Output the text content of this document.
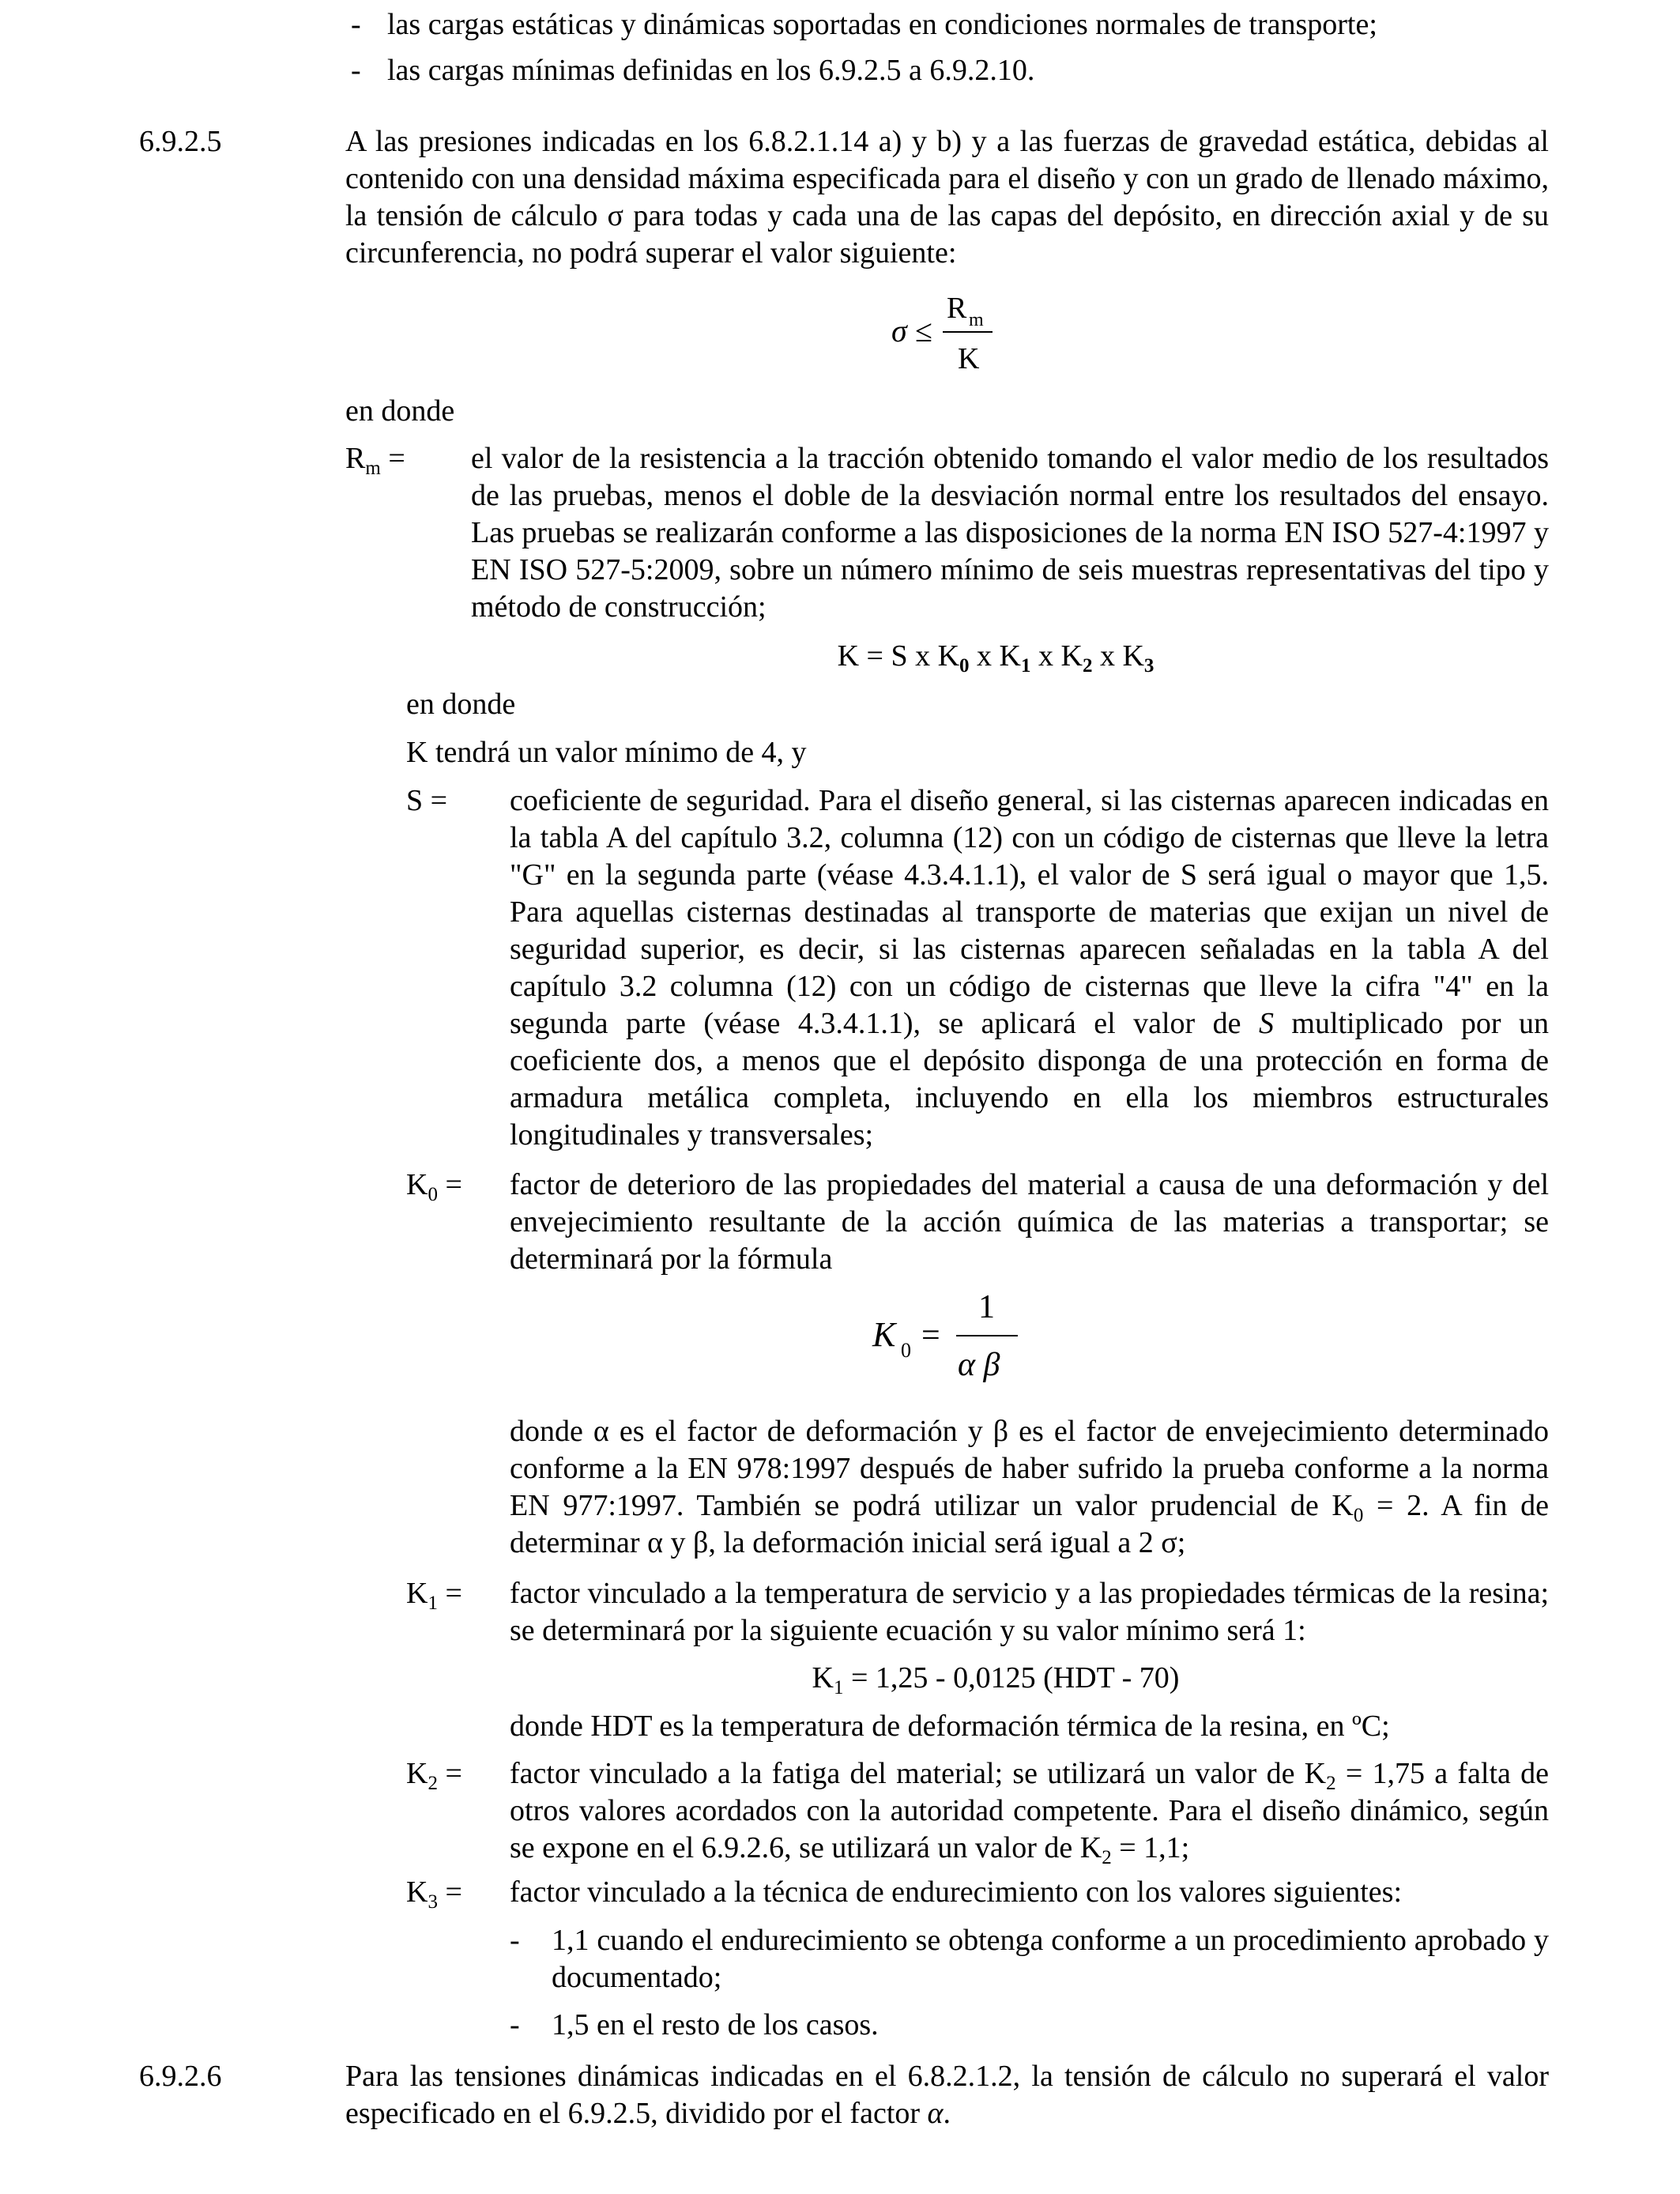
- las cargas estáticas y dinámicas soportadas en condiciones normales de transporte;

- las cargas mínimas definidas en los 6.9.2.5 a 6.9.2.10.

6.9.2.5	A las presiones indicadas en los 6.8.2.1.14 a) y b) y a las fuerzas de gravedad estática, debidas al contenido con una densidad máxima especificada para el diseño y con un grado de llenado máximo, la tensión de cálculo σ para todas y cada una de las capas del depósito, en dirección axial y de su circunferencia, no podrá superar el valor siguiente:

σ ≤
R m
K

en donde

$R_m$ = el valor de la resistencia a la tracción obtenido tomando el valor medio de los resultados de las pruebas, menos el doble de la desviación normal entre los resultados del ensayo. Las pruebas se realizarán conforme a las disposiciones de la norma EN ISO 527-4:1997 y EN ISO 527-5:2009, sobre un número mínimo de seis muestras representativas del tipo y método de construcción;

K = S x $K_0$ x $K_1$ x $K_2$ x $K_3$

en donde

K tendrá un valor mínimo de 4, y

S = coeficiente de seguridad. Para el diseño general, si las cisternas aparecen indicadas en la tabla A del capítulo 3.2, columna (12) con un código de cisternas que lleve la letra "G" en la segunda parte (véase 4.3.4.1.1), el valor de S será igual o mayor que 1,5. Para aquellas cisternas destinadas al transporte de materias que exijan un nivel de seguridad superior, es decir, si las cisternas aparecen señaladas en la tabla A del capítulo 3.2 columna (12) con un código de cisternas que lleve la cifra "4" en la segunda parte (véase 4.3.4.1.1), se aplicará el valor de S multiplicado por un coeficiente dos, a menos que el depósito disponga de una protección en forma de armadura metálica completa, incluyendo en ella los miembros estructurales longitudinales y transversales;

$K_0$ = factor de deterioro de las propiedades del material a causa de una deformación y del envejecimiento resultante de la acción química de las materias a transportar; se determinará por la fórmula

K 0 =
1
α β

donde α es el factor de deformación y β es el factor de envejecimiento determinado conforme a la EN 978:1997 después de haber sufrido la prueba conforme a la norma EN 977:1997. También se podrá utilizar un valor prudencial de $K_0 = 2$. A fin de determinar α y β, la deformación inicial será igual a 2 σ;

$K_1$ = factor vinculado a la temperatura de servicio y a las propiedades térmicas de la resina; se determinará por la siguiente ecuación y su valor mínimo será 1:

$K_1 = 1,25 - 0,0125$ (HDT - 70)

donde HDT es la temperatura de deformación térmica de la resina, en ºC;

$K_2$ = factor vinculado a la fatiga del material; se utilizará un valor de $K_2 = 1,75$ a falta de otros valores acordados con la autoridad competente. Para el diseño dinámico, según se expone en el 6.9.2.6, se utilizará un valor de $K_2 = 1,1$;

$K_3$ = factor vinculado a la técnica de endurecimiento con los valores siguientes:

- 1,1 cuando el endurecimiento se obtenga conforme a un procedimiento aprobado y documentado;

- 1,5 en el resto de los casos.

6.9.2.6	Para las tensiones dinámicas indicadas en el 6.8.2.1.2, la tensión de cálculo no superará el valor especificado en el 6.9.2.5, dividido por el factor α.
